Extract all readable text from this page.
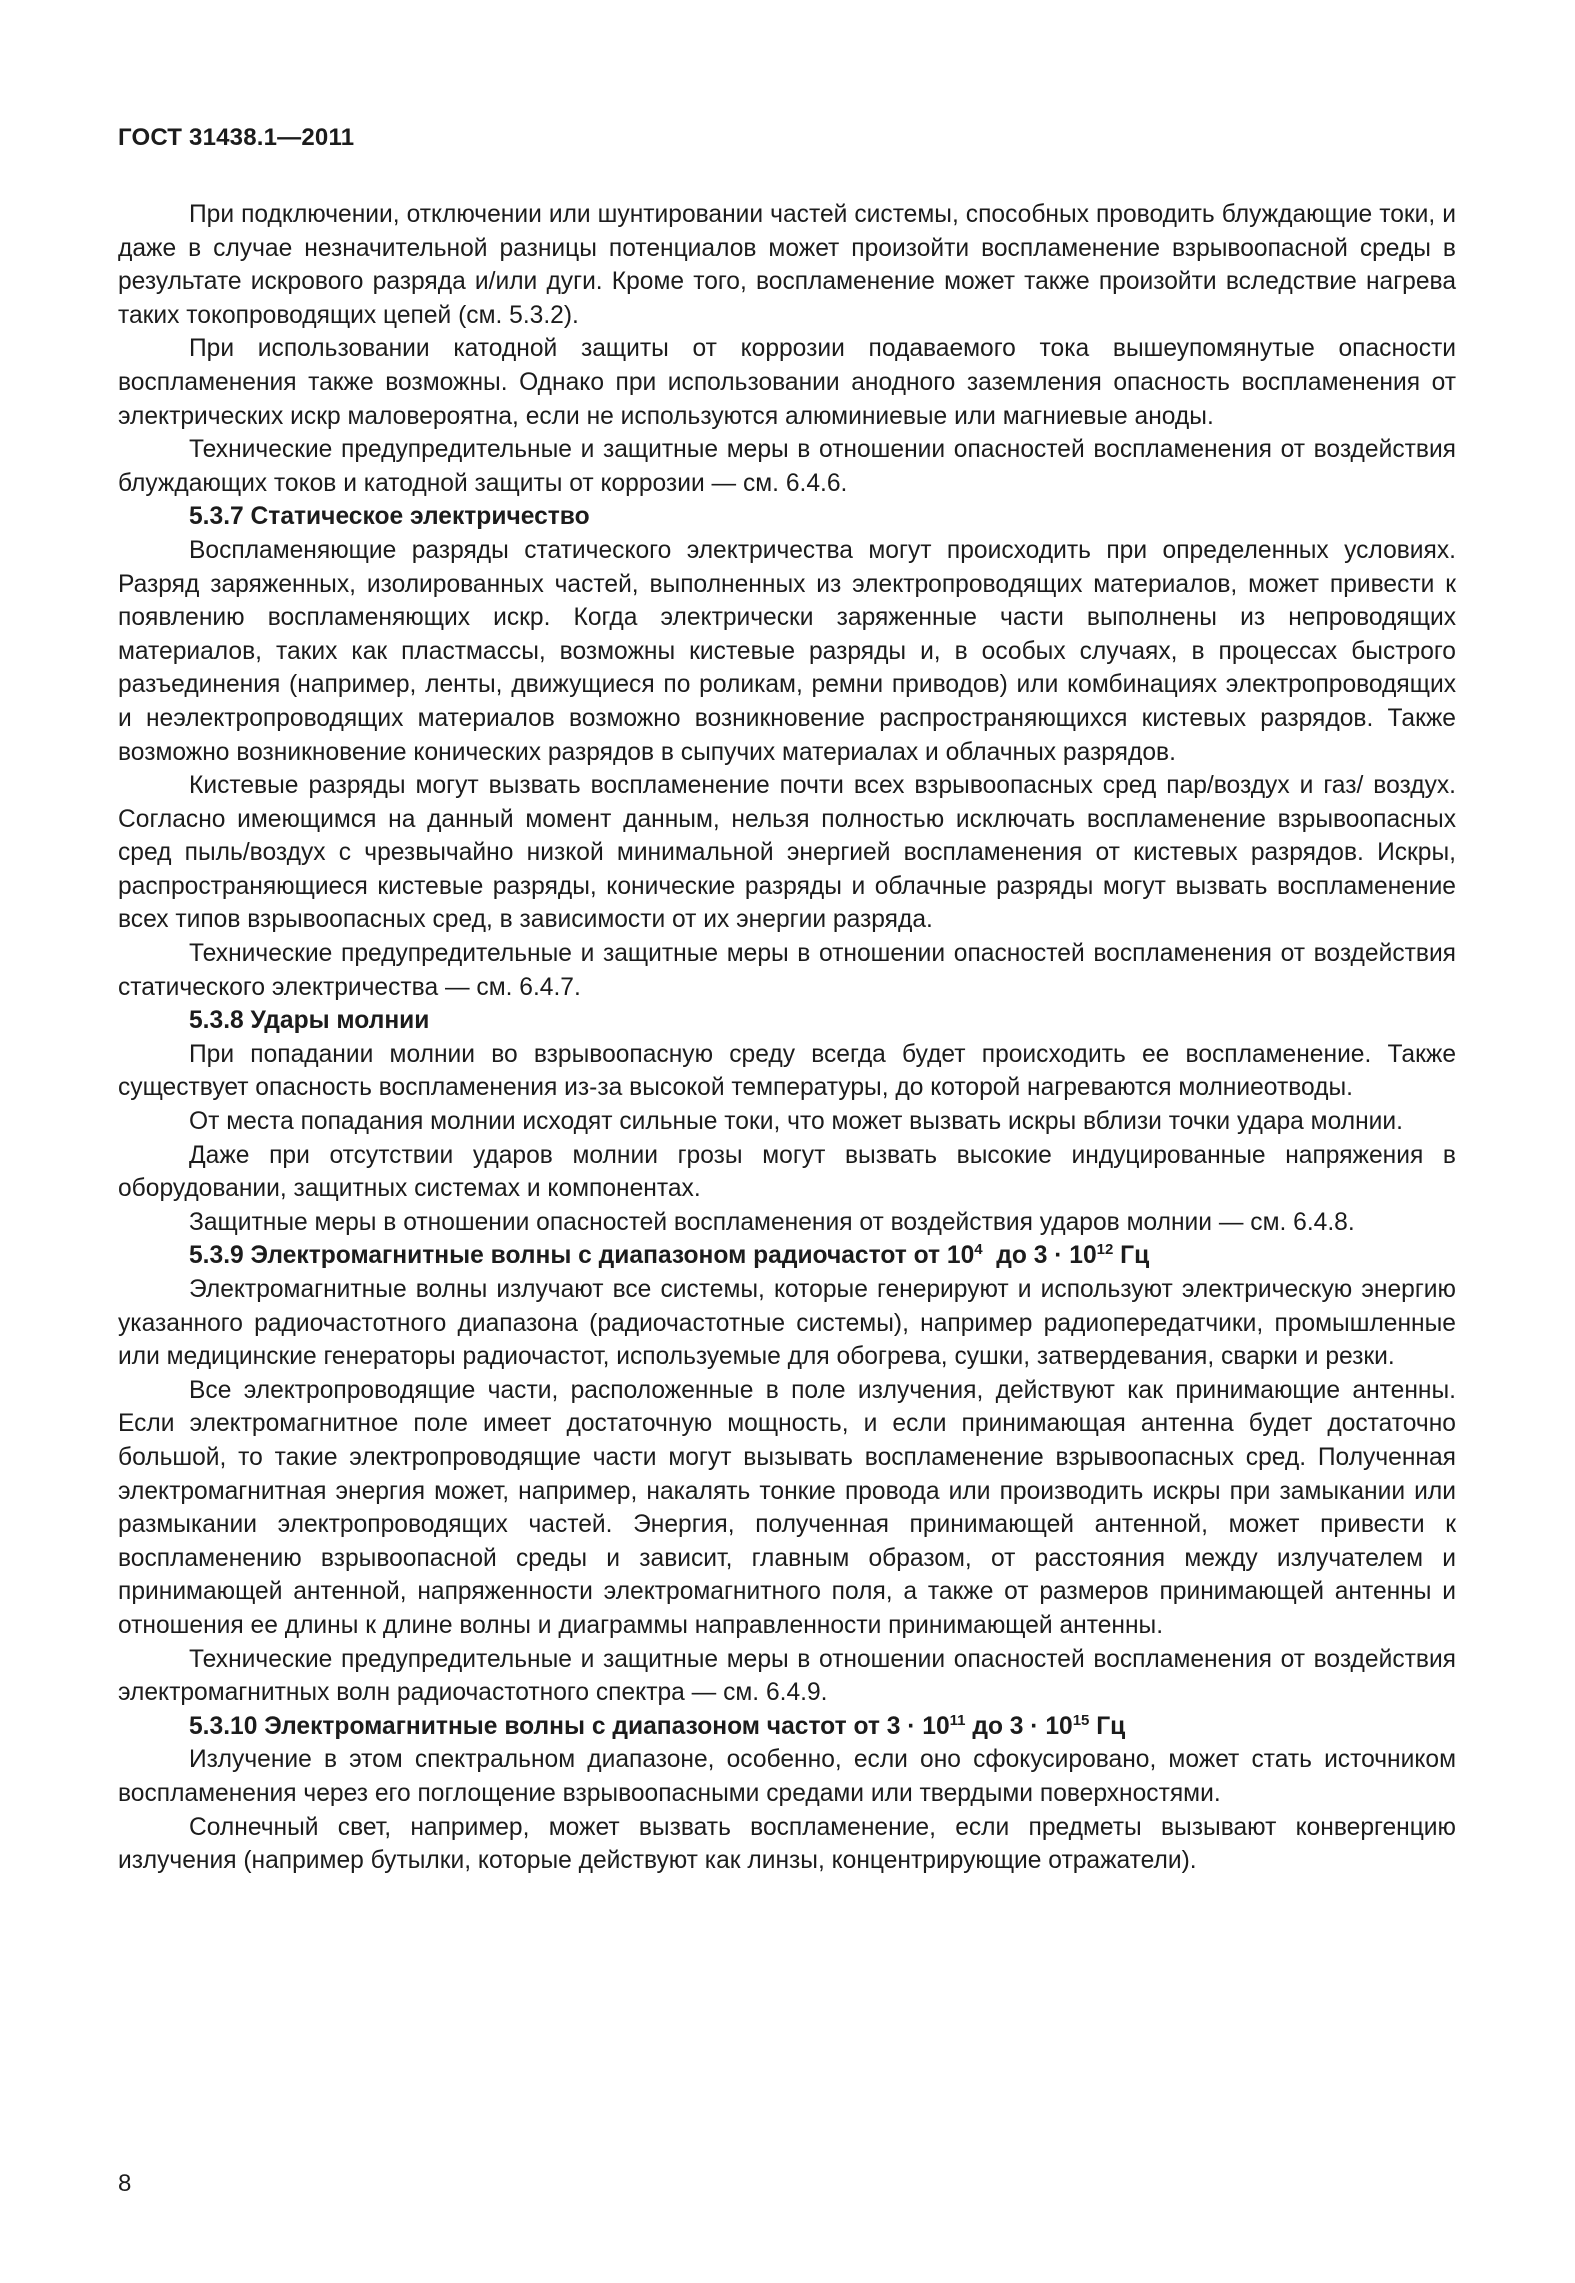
ГОСТ 31438.1—2011

При подключении, отключении или шунтировании частей системы, способных проводить блуждающие токи, и даже в случае незначительной разницы потенциалов может произойти воспламенение взрывоопасной среды в результате искрового разряда и/или дуги. Кроме того, воспламенение может также произойти вследствие нагрева таких токопроводящих цепей (см. 5.3.2).

При использовании катодной защиты от коррозии подаваемого тока вышеупомянутые опасности воспламенения также возможны. Однако при использовании анодного заземления опасность воспламенения от электрических искр маловероятна, если не используются алюминиевые или магниевые аноды.

Технические предупредительные и защитные меры в отношении опасностей воспламенения от воздействия блуждающих токов и катодной защиты от коррозии — см. 6.4.6.

5.3.7 Статическое электричество

Воспламеняющие разряды статического электричества могут происходить при определенных условиях. Разряд заряженных, изолированных частей, выполненных из электропроводящих материалов, может привести к появлению воспламеняющих искр. Когда электрически заряженные части выполнены из непроводящих материалов, таких как пластмассы, возможны кистевые разряды и, в особых случаях, в процессах быстрого разъединения (например, ленты, движущиеся по роликам, ремни приводов) или комбинациях электропроводящих и неэлектропроводящих материалов возможно возникновение распространяющихся кистевых разрядов. Также возможно возникновение конических разрядов в сыпучих материалах и облачных разрядов.

Кистевые разряды могут вызвать воспламенение почти всех взрывоопасных сред пар/воздух и газ/ воздух. Согласно имеющимся на данный момент данным, нельзя полностью исключать воспламенение взрывоопасных сред пыль/воздух с чрезвычайно низкой минимальной энергией воспламенения от кистевых разрядов. Искры, распространяющиеся кистевые разряды, конические разряды и облачные разряды могут вызвать воспламенение всех типов взрывоопасных сред, в зависимости от их энергии разряда.

Технические предупредительные и защитные меры в отношении опасностей воспламенения от воздействия статического электричества — см. 6.4.7.

5.3.8 Удары молнии

При попадании молнии во взрывоопасную среду всегда будет происходить ее воспламенение. Также существует опасность воспламенения из-за высокой температуры, до которой нагреваются молниеотводы.

От места попадания молнии исходят сильные токи, что может вызвать искры вблизи точки удара молнии.

Даже при отсутствии ударов молнии грозы могут вызвать высокие индуцированные напряжения в оборудовании, защитных системах и компонентах.

Защитные меры в отношении опасностей воспламенения от воздействия ударов молнии — см. 6.4.8.

5.3.9 Электромагнитные волны с диапазоном радиочастот от $10^4$  до $3 \cdot 10^{12}$ Гц

Электромагнитные волны излучают все системы, которые генерируют и используют электрическую энергию указанного радиочастотного диапазона (радиочастотные системы), например радиопередатчики, промышленные или медицинские генераторы радиочастот, используемые для обогрева, сушки, затвердевания, сварки и резки.

Все электропроводящие части, расположенные в поле излучения, действуют как принимающие антенны. Если электромагнитное поле имеет достаточную мощность, и если принимающая антенна будет достаточно большой, то такие электропроводящие части могут вызывать воспламенение взрывоопасных сред. Полученная электромагнитная энергия может, например, накалять тонкие провода или производить искры при замыкании или размыкании электропроводящих частей. Энергия, полученная принимающей антенной, может привести к воспламенению взрывоопасной среды и зависит, главным образом, от расстояния между излучателем и принимающей антенной, напряженности электромагнитного поля, а также от размеров принимающей антенны и отношения ее длины к длине волны и диаграммы направленности принимающей антенны.

Технические предупредительные и защитные меры в отношении опасностей воспламенения от воздействия электромагнитных волн радиочастотного спектра — см. 6.4.9.

5.3.10 Электромагнитные волны с диапазоном частот от $3 \cdot 10^{11}$ до $3 \cdot 10^{15}$ Гц

Излучение в этом спектральном диапазоне, особенно, если оно сфокусировано, может стать источником воспламенения через его поглощение взрывоопасными средами или твердыми поверхностями.

Солнечный свет, например, может вызвать воспламенение, если предметы вызывают конвергенцию излучения (например бутылки, которые действуют как линзы, концентрирующие отражатели).

8
